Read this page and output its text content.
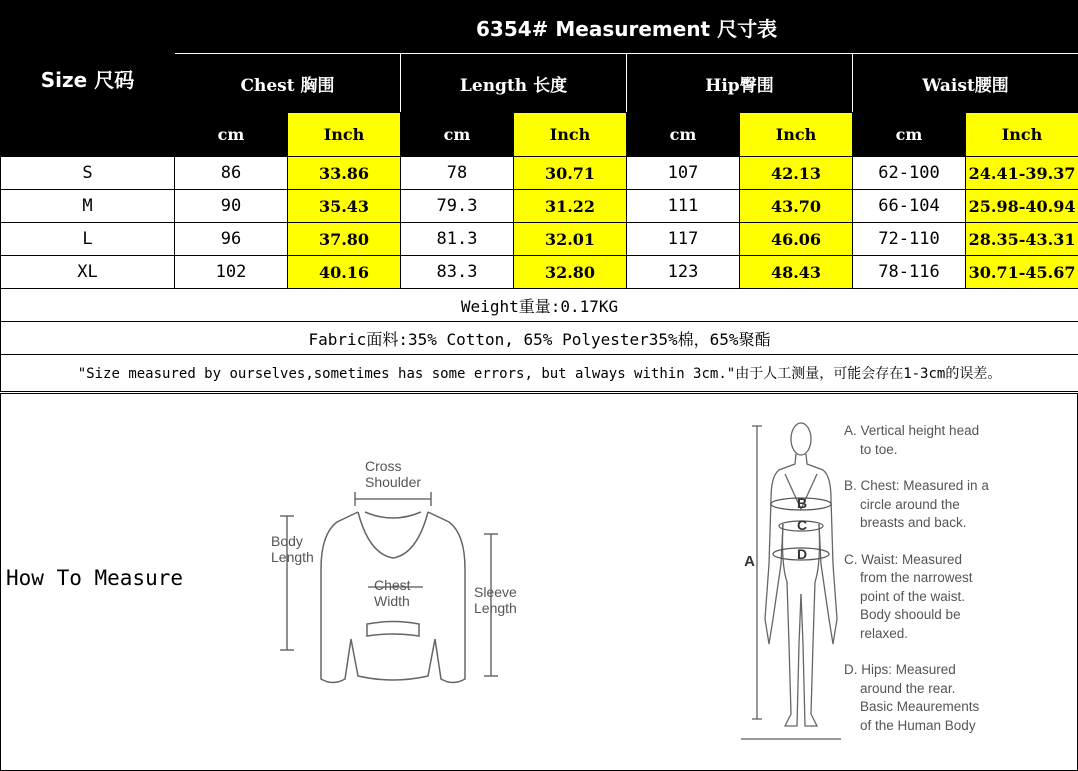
Size 尺码	6354# Measurement 尺寸表							
	Chest 胸围		Length 长度		Hip臀围		Waist腰围	
	cm	Inch	cm	Inch	cm	Inch	cm	Inch
S	86	33.86	78	30.71	107	42.13	62-100	24.41-39.37
M	90	35.43	79.3	31.22	111	43.70	66-104	25.98-40.94
L	96	37.80	81.3	32.01	117	46.06	72-110	28.35-43.31
XL	102	40.16	83.3	32.80	123	48.43	78-116	30.71-45.67
Weight重量:0.17KG								
Fabric面料:35% Cotton, 65% Polyester35%棉，65%聚酯								
"Size measured by ourselves,sometimes has some errors, but always within 3cm."由于人工测量，可能会存在1-3cm的误差。								
How To Measure
Cross
Shoulder
Body
Length
Chest
Width
Sleeve
Length
A
B
C
D
A. Vertical height head
to toe.
B. Chest: Measured in a
circle around the
breasts and back.
C. Waist: Measured
from the narrowest
point of the waist.
Body shoould be
relaxed.
D. Hips: Measured
around the rear.
Basic Meaurements
of the Human Body
